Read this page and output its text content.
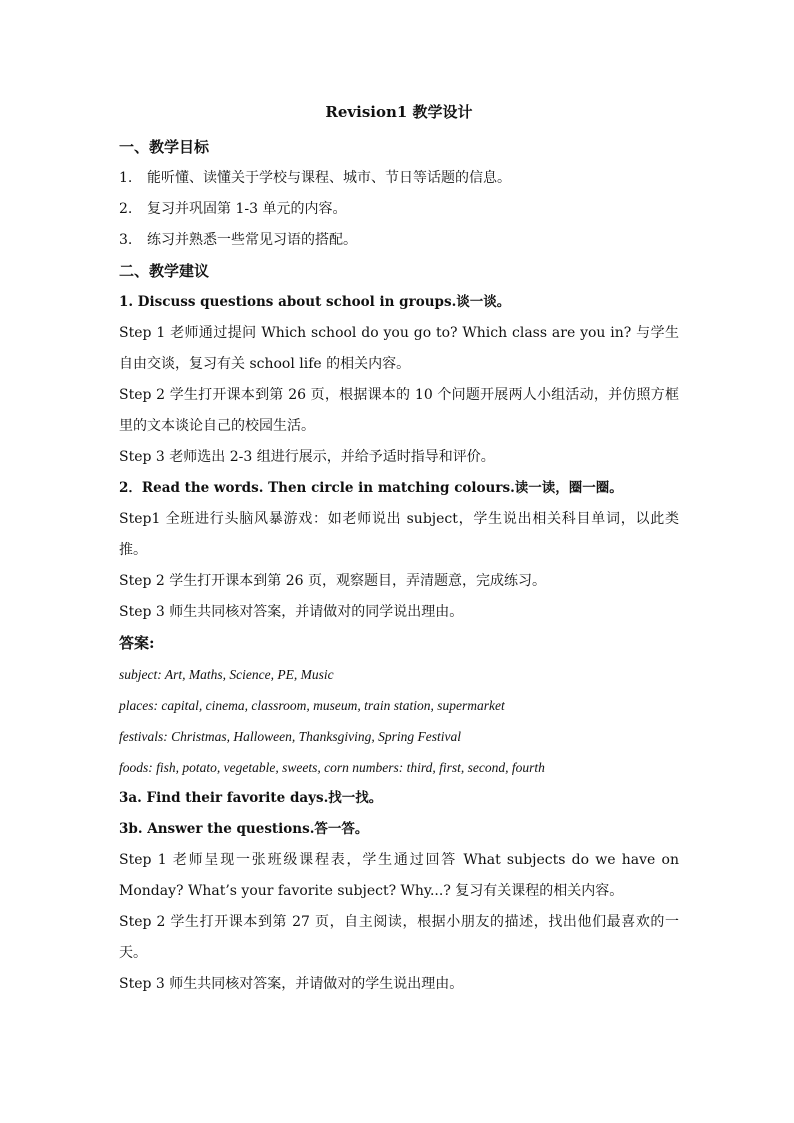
Revision1 教学设计
一、教学目标
1. 能听懂、读懂关于学校与课程、城市、节日等话题的信息。
2. 复习并巩固第 1-3 单元的内容。
3. 练习并熟悉一些常见习语的搭配。
二、教学建议
1. Discuss questions about school in groups.谈一谈。
Step 1 老师通过提问 Which school do you go to? Which class are you in? 与学生自由交谈，复习有关 school life 的相关内容。
Step 2 学生打开课本到第 26 页，根据课本的 10 个问题开展两人小组活动，并仿照方框里的文本谈论自己的校园生活。
Step 3 老师选出 2-3 组进行展示，并给予适时指导和评价。
2．Read the words. Then circle in matching colours.读一读，圈一圈。
Step1 全班进行头脑风暴游戏：如老师说出 subject，学生说出相关科目单词，以此类推。
Step 2 学生打开课本到第 26 页，观察题目，弄清题意，完成练习。
Step 3 师生共同核对答案，并请做对的同学说出理由。
答案:
subject: Art, Maths, Science, PE, Music
places: capital, cinema, classroom, museum, train station, supermarket
festivals: Christmas, Halloween, Thanksgiving, Spring Festival
foods: fish, potato, vegetable, sweets, corn numbers: third, first, second, fourth
3a. Find their favorite days.找一找。
3b. Answer the questions.答一答。
Step 1 老师呈现一张班级课程表，学生通过回答 What subjects do we have on Monday? What’s your favorite subject? Why...? 复习有关课程的相关内容。
Step 2 学生打开课本到第 27 页，自主阅读，根据小朋友的描述，找出他们最喜欢的一天。
Step 3 师生共同核对答案，并请做对的学生说出理由。
